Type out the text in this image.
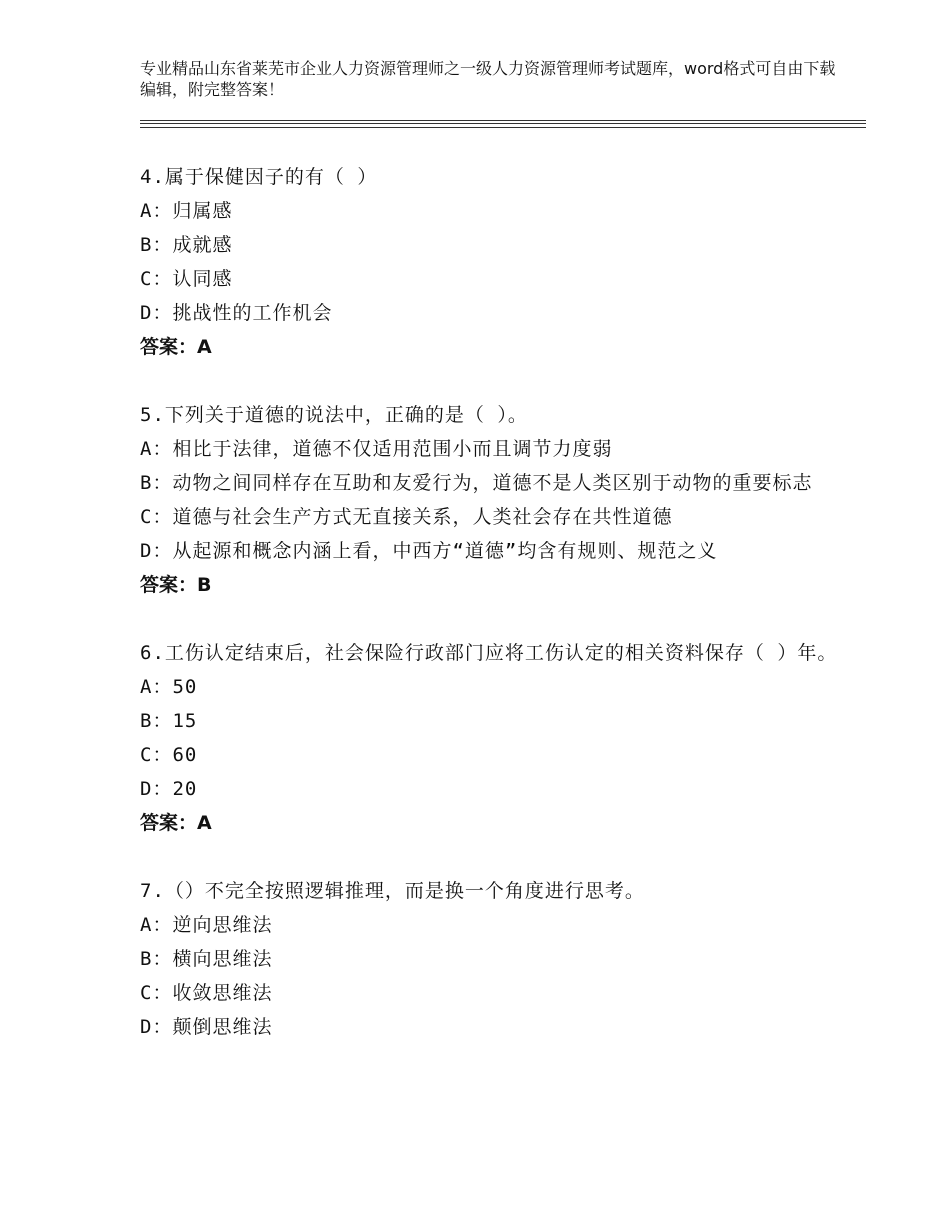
专业精品山东省莱芜市企业人力资源管理师之一级人力资源管理师考试题库，word格式可自由下载编辑，附完整答案！
4.属于保健因子的有（ ）
A：归属感
B：成就感
C：认同感
D：挑战性的工作机会
答案：A
5.下列关于道德的说法中，正确的是（ ）。
A：相比于法律，道德不仅适用范围小而且调节力度弱
B：动物之间同样存在互助和友爱行为，道德不是人类区别于动物的重要标志
C：道德与社会生产方式无直接关系，人类社会存在共性道德
D：从起源和概念内涵上看，中西方“道德”均含有规则、规范之义
答案：B
6.工伤认定结束后，社会保险行政部门应将工伤认定的相关资料保存（ ）年。
A：50
B：15
C：60
D：20
答案：A
7.（）不完全按照逻辑推理，而是换一个角度进行思考。
A：逆向思维法
B：横向思维法
C：收敛思维法
D：颠倒思维法
